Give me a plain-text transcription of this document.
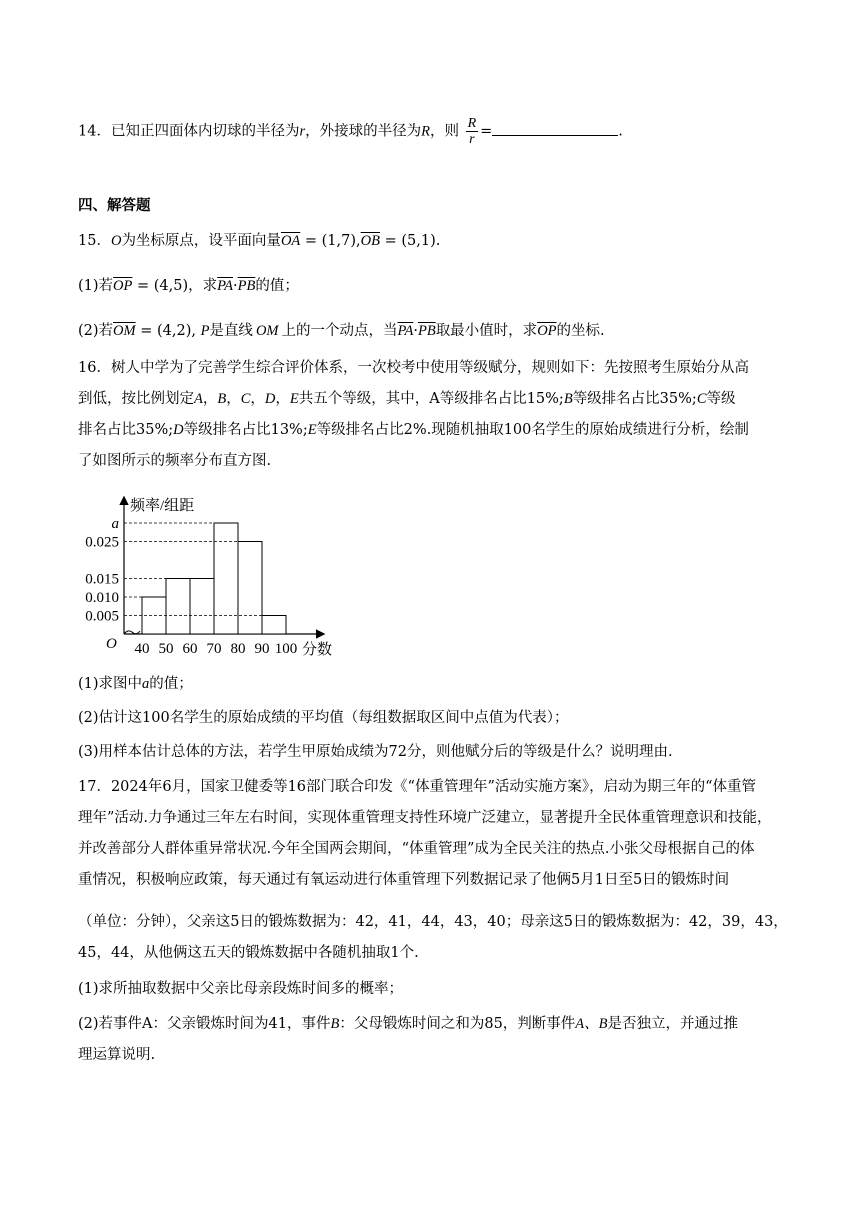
14．已知正四面体内切球的半径为r，外接球的半径为R，则 $\frac{R}{r}$ =	.
四、解答题
15．O为坐标原点，设平面向量$\overline{OA} = (1,7),\overline{OB} = (5,1)$.
(1)若$\overline{OP} = (4,5)$，求$\overline{PA}\cdot\overline{PB}$的值；
(2)若$\overline{OM} = (4,2)$, P是直线 OM 上的一个动点，当$\overline{PA}\cdot\overline{PB}$取最小值时，求$\overline{OP}$的坐标.
16．树人中学为了完善学生综合评价体系，一次校考中使用等级赋分，规则如下：先按照考生原始分从高
到低，按比例划定A，B，C，D，E共五个等级，其中，A等级排名占比15%;B等级排名占比35%;C等级
排名占比35%;D等级排名占比13%;E等级排名占比2%.现随机抽取100名学生的原始成绩进行分析，绘制
了如图所示的频率分布直方图.
a
0.025
0.015
0.010
0.005
40 50 60 70 80 90 100
频率/组距
分数
O
(1)求图中a的值；
(2)估计这100名学生的原始成绩的平均值（每组数据取区间中点值为代表）；
(3)用样本估计总体的方法，若学生甲原始成绩为72分，则他赋分后的等级是什么？说明理由.
17．2024年6月，国家卫健委等16部门联合印发《“体重管理年”活动实施方案》，启动为期三年的“体重管
理年”活动.力争通过三年左右时间，实现体重管理支持性环境广泛建立，显著提升全民体重管理意识和技能，
并改善部分人群体重异常状况.今年全国两会期间，“体重管理”成为全民关注的热点.小张父母根据自己的体
重情况，积极响应政策，每天通过有氧运动进行体重管理下列数据记录了他俩5月1日至5日的锻炼时间
（单位：分钟），父亲这5日的锻炼数据为：42，41，44，43，40；母亲这5日的锻炼数据为：42，39，43，
45，44，从他俩这五天的锻炼数据中各随机抽取1个.
(1)求所抽取数据中父亲比母亲段炼时间多的概率；
(2)若事件A：父亲锻炼时间为41，事件B：父母锻炼时间之和为85，判断事件A、B是否独立，并通过推
理运算说明.
